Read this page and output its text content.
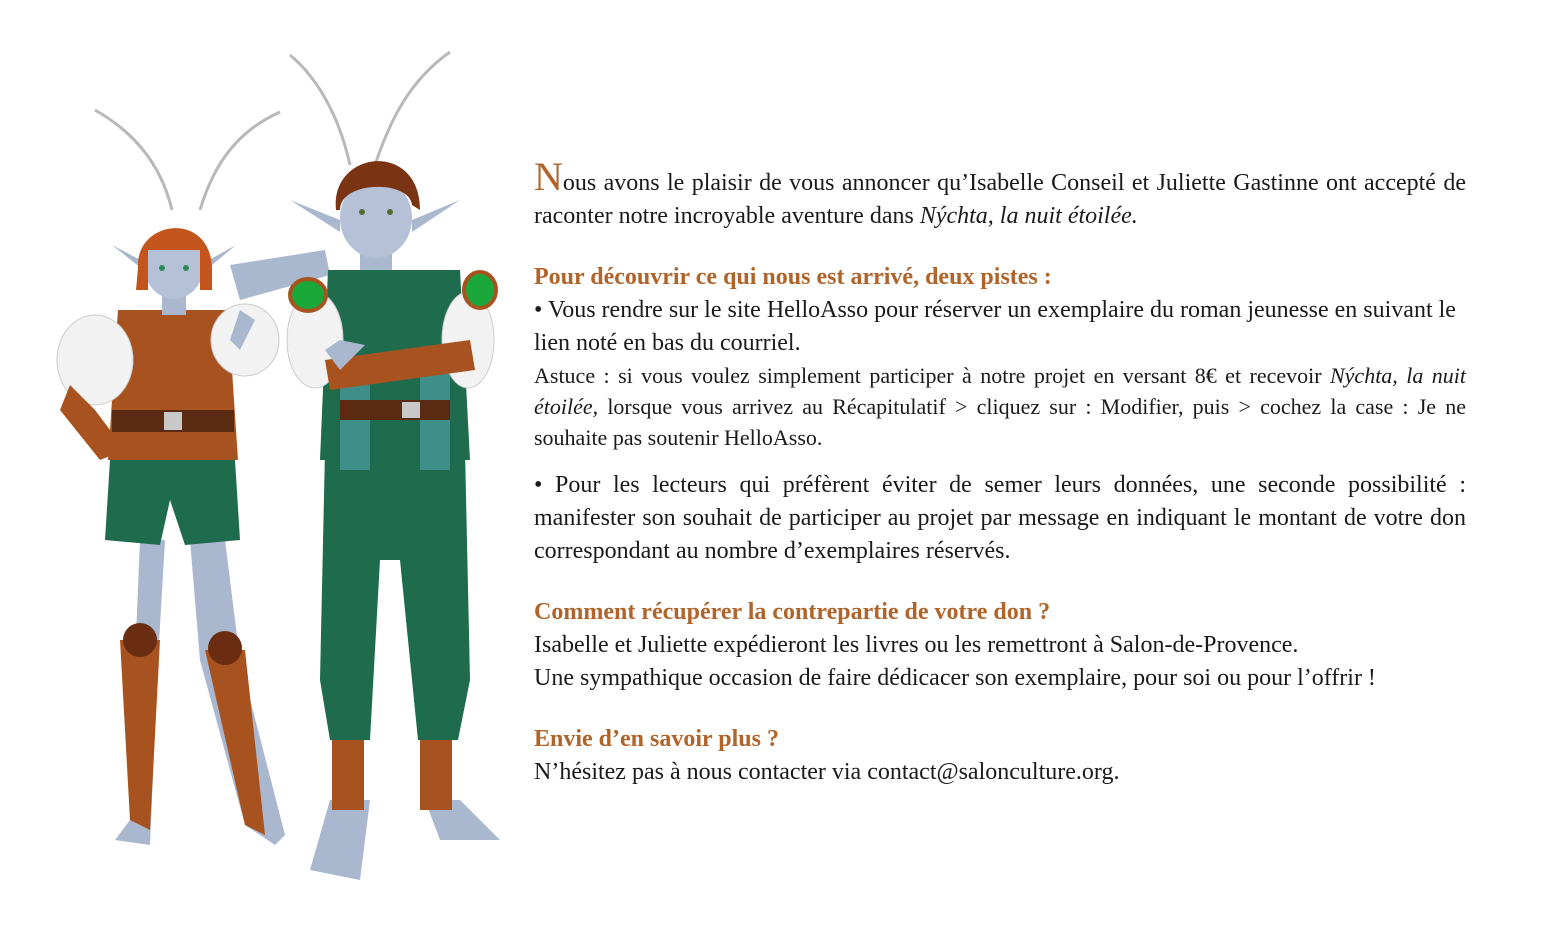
Nous avons le plaisir de vous annoncer qu’Isabelle Conseil et Juliette Gastinne ont accepté de raconter notre incroyable aventure dans Nýchta, la nuit étoilée.

Pour découvrir ce qui nous est arrivé, deux pistes :

• Vous rendre sur le site HelloAsso pour réserver un exemplaire du roman jeunesse en suivant le lien noté en bas du courriel.

Astuce : si vous voulez simplement participer à notre projet en versant 8€ et recevoir Nýchta, la nuit étoilée, lorsque vous arrivez au Récapitulatif > cliquez sur : Modifier, puis > cochez la case : Je ne souhaite pas soutenir HelloAsso.

• Pour les lecteurs qui préfèrent éviter de semer leurs données, une seconde possibilité : manifester son souhait de participer au projet par message en indiquant le montant de votre don correspondant au nombre d’exemplaires réservés.

Comment récupérer la contrepartie de votre don ?

Isabelle et Juliette expédieront les livres ou les remettront à Salon-de-Provence.

Une sympathique occasion de faire dédicacer son exemplaire, pour soi ou pour l’offrir !

Envie d’en savoir plus ?

N’hésitez pas à nous contacter via contact@salonculture.org.
